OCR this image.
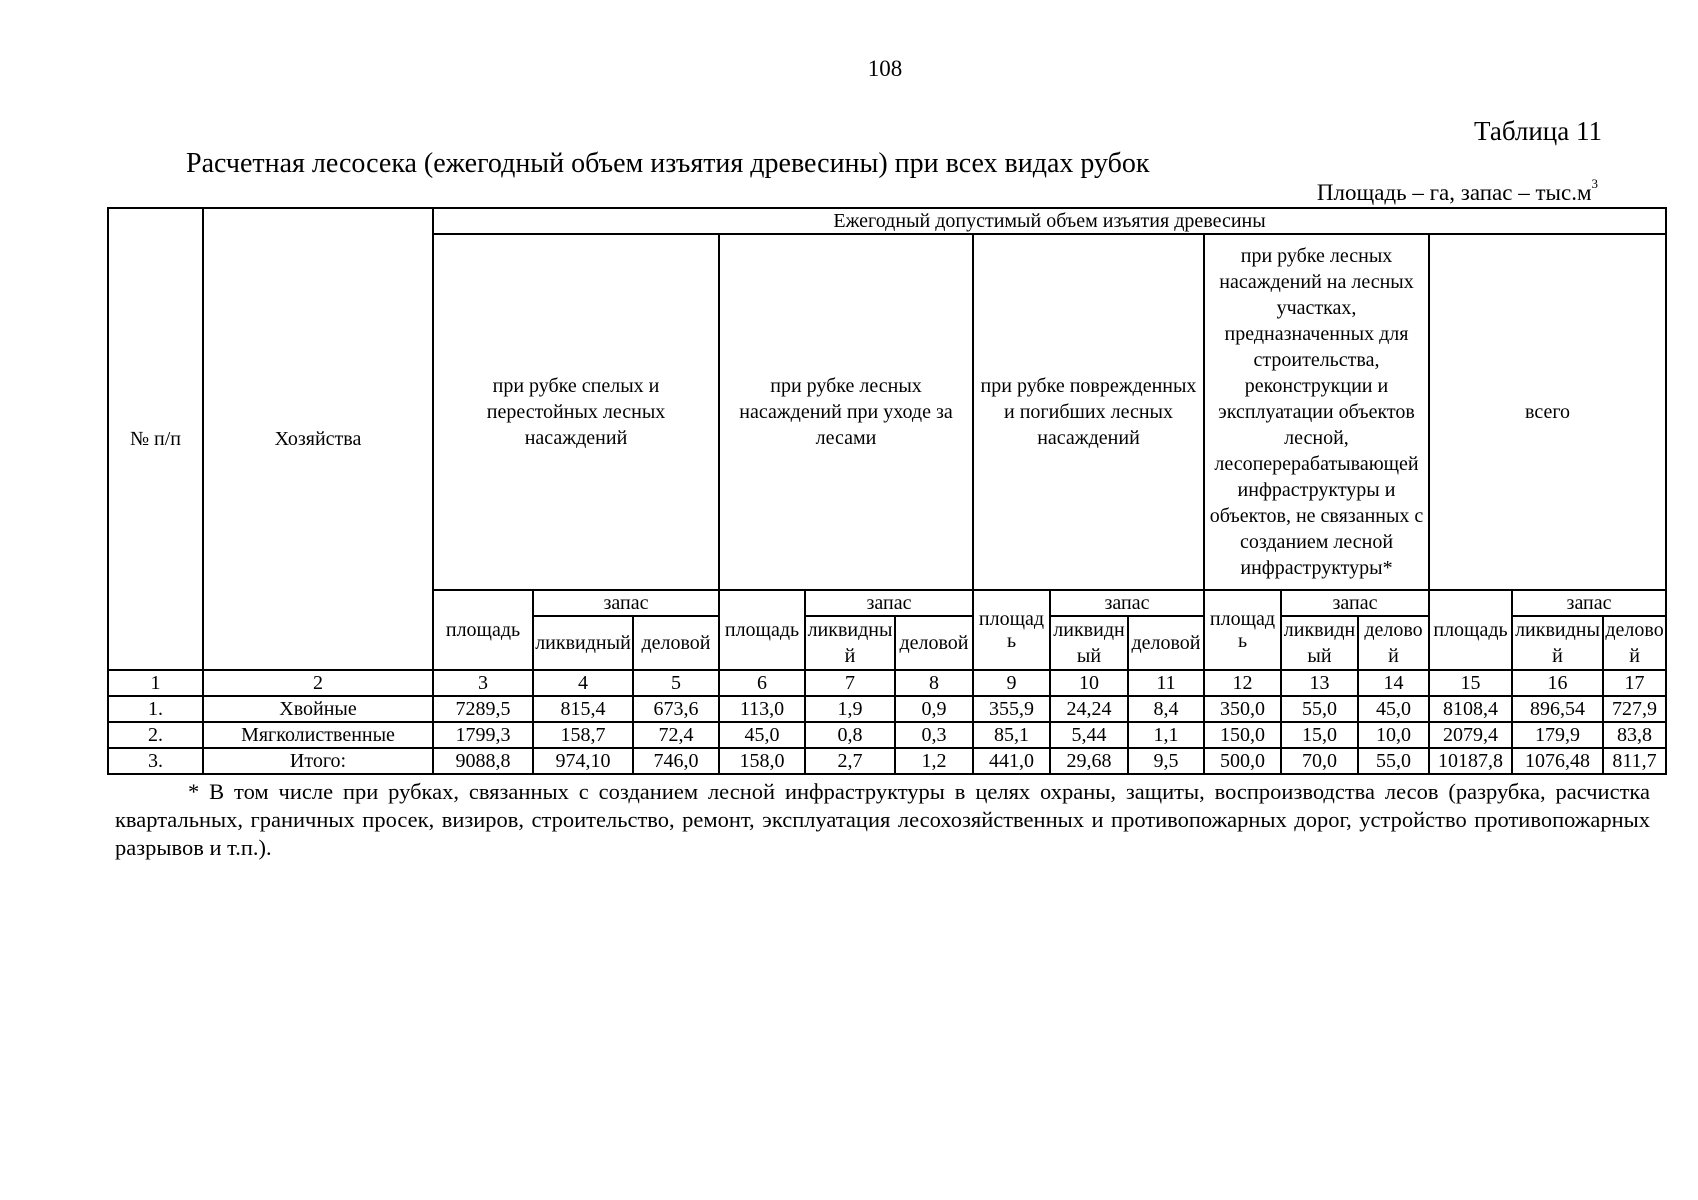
108
Таблица 11
Расчетная лесосека (ежегодный объем изъятия древесины) при всех видах рубок
Площадь – га, запас – $тыс.м^3$
№ п/п	Хозяйства	Ежегодный допустимый объем изъятия древесины														
		при рубке спелых и перестойных лесных насаждений			при рубке лесных насаждений при уходе за лесами			при рубке поврежденных и погибших лесных насаждений			при рубке лесных насаждений на лесных участках, предназначенных для строительства, реконструкции и эксплуатации объектов лесной, лесоперерабатывающей инфраструктуры и объектов, не связанных с созданием лесной инфраструктуры*			всего		
		площадь	запас		площадь	запас		площадь	запас		площадь	запас		площадь	запас	
			ликвидный	деловой		ликвидный	деловой		ликвидный	деловой		ликвидный	деловой		ликвидный	деловой
1	2	3	4	5	6	7	8	9	10	11	12	13	14	15	16	17
1.	Хвойные	7289,5	815,4	673,6	113,0	1,9	0,9	355,9	24,24	8,4	350,0	55,0	45,0	8108,4	896,54	727,9
2.	Мягколиственные	1799,3	158,7	72,4	45,0	0,8	0,3	85,1	5,44	1,1	150,0	15,0	10,0	2079,4	179,9	83,8
3.	Итого:	9088,8	974,10	746,0	158,0	2,7	1,2	441,0	29,68	9,5	500,0	70,0	55,0	10187,8	1076,48	811,7
* В том числе при рубках, связанных с созданием лесной инфраструктуры в целях охраны, защиты, воспроизводства лесов (разрубка, расчистка квартальных, граничных просек, визиров, строительство, ремонт, эксплуатация лесохозяйственных и противопожарных дорог, устройство противопожарных разрывов и т.п.).
